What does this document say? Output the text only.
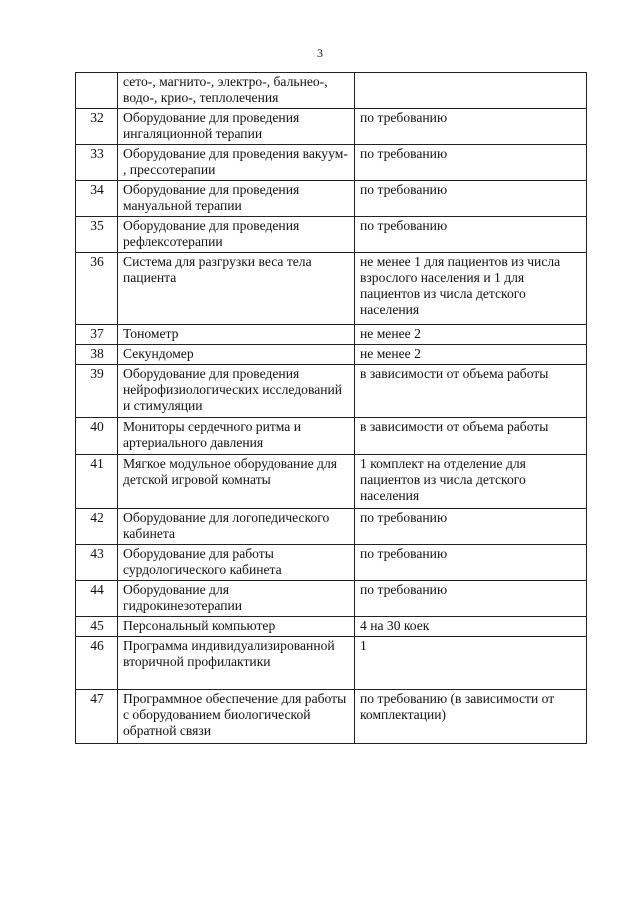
3
	сето-, магнито-, электро-, бальнео-, водо-, крио-, теплолечения	
32	Оборудование для проведения ингаляционной терапии	по требованию
33	Оборудование для проведения вакуум- , прессотерапии	по требованию
34	Оборудование для проведения мануальной терапии	по требованию
35	Оборудование для проведения рефлексотерапии	по требованию
36	Система для разгрузки веса тела пациента	не менее 1 для пациентов из числа взрослого населения и 1 для пациентов из числа детского населения
37	Тонометр	не менее 2
38	Секундомер	не менее 2
39	Оборудование для проведения нейрофизиологических исследований и стимуляции	в зависимости от объема работы
40	Мониторы сердечного ритма и артериального давления	в зависимости от объема работы
41	Мягкое модульное оборудование для детской игровой комнаты	1 комплект на отделение для пациентов из числа детского населения
42	Оборудование для логопедического кабинета	по требованию
43	Оборудование для работы сурдологического кабинета	по требованию
44	Оборудование для гидрокинезотерапии	по требованию
45	Персональный компьютер	4 на 30 коек
46	Программа индивидуализированной вторичной профилактики	1
47	Программное обеспечение для работы с оборудованием биологической обратной связи	по требованию (в зависимости от комплектации)
